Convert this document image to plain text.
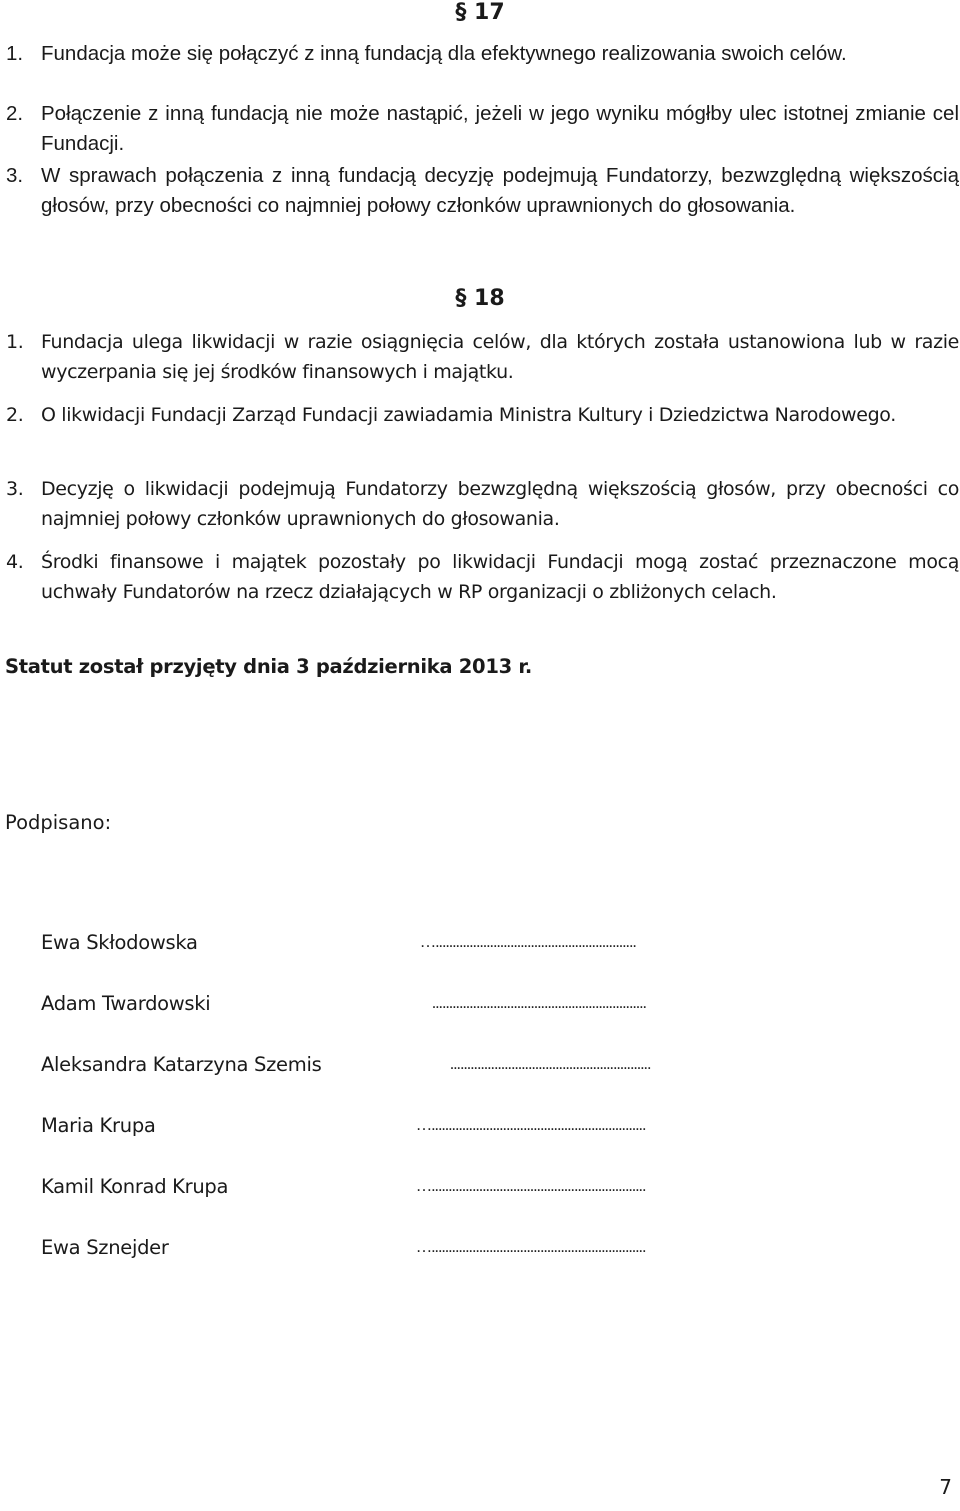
§ 17
1. Fundacja może się połączyć z inną fundacją dla efektywnego realizowania swoich celów.
2. Połączenie z inną fundacją nie może nastąpić, jeżeli w jego wyniku mógłby ulec istotnej zmianie cel Fundacji.
3. W sprawach połączenia z inną fundacją decyzję podejmują Fundatorzy, bezwzględną większością głosów, przy obecności co najmniej połowy członków uprawnionych do głosowania.
§ 18
1. Fundacja ulega likwidacji w razie osiągnięcia celów, dla których została ustanowiona lub w razie wyczerpania się jej środków finansowych i majątku.
2. O likwidacji Fundacji Zarząd Fundacji zawiadamia Ministra Kultury i Dziedzictwa Narodowego.
3. Decyzję o likwidacji podejmują Fundatorzy bezwzględną większością głosów, przy obecności co najmniej połowy członków uprawnionych do głosowania.
4. Środki finansowe i majątek pozostały po likwidacji Fundacji mogą zostać przeznaczone mocą uchwały Fundatorów na rzecz działających w RP organizacji o zbliżonych celach.
Statut został przyjęty dnia 3 października 2013 r.
Podpisano:
Ewa Skłodowska	…...........................................................
Adam Twardowski	...............................................................
Aleksandra Katarzyna Szemis	...........................................................
Maria Krupa	…...............................................................
Kamil Konrad Krupa	…...............................................................
Ewa Sznejder	…...............................................................
7
